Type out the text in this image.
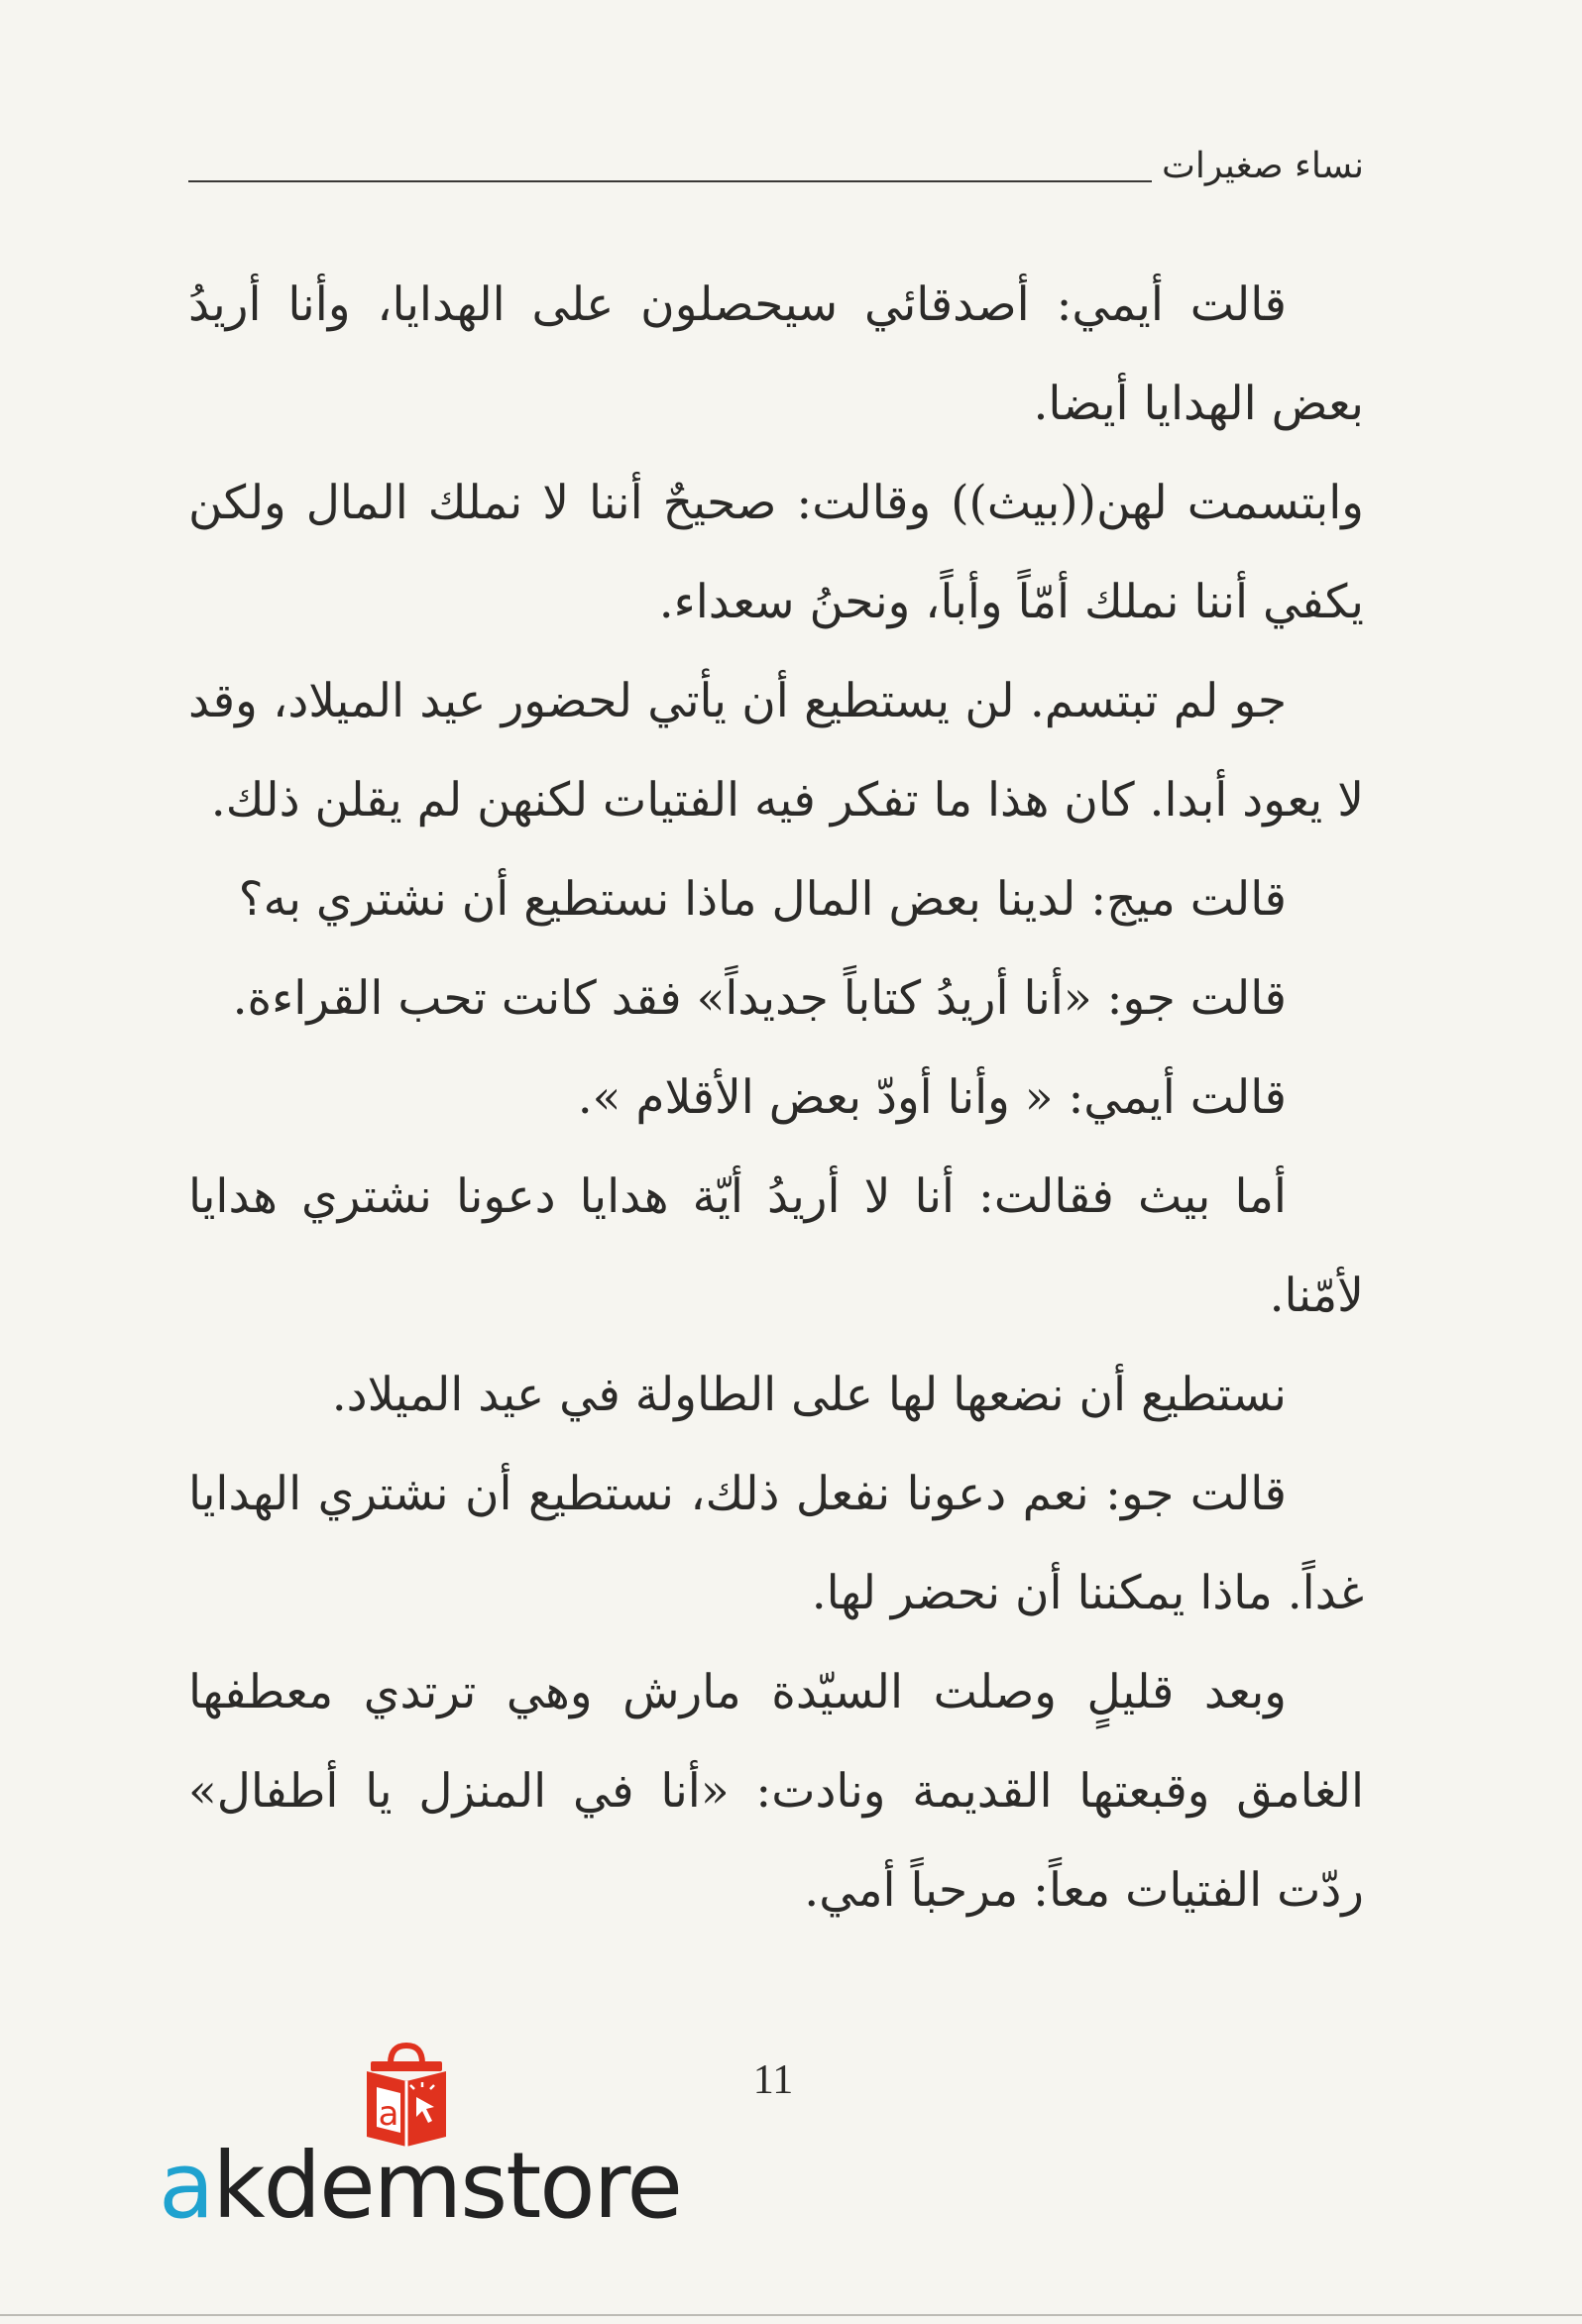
نساء صغيرات

قالت أيمي: أصدقائي سيحصلون على الهدايا، وأنا أريدُ بعض الهدايا أيضا.

وابتسمت لهن((بيث)) وقالت: صحيحٌ أننا لا نملك المال ولكن يكفي أننا نملك أمّاً وأباً، ونحنُ سعداء.

جو لم تبتسم. لن يستطيع أن يأتي لحضور عيد الميلاد، وقد لا يعود أبدا. كان هذا ما تفكر فيه الفتيات لكنهن لم يقلن ذلك.

قالت ميج: لدينا بعض المال ماذا نستطيع أن نشتري به؟

قالت جو: «أنا أريدُ كتاباً جديداً» فقد كانت تحب القراءة.

قالت أيمي: « وأنا أودّ بعض الأقلام ».

أما بيث فقالت: أنا لا أريدُ أيّة هدايا دعونا نشتري هدايا لأمّنا.

نستطيع أن نضعها لها على الطاولة في عيد الميلاد.

قالت جو: نعم دعونا نفعل ذلك، نستطيع أن نشتري الهدايا غداً. ماذا يمكننا أن نحضر لها.

وبعد قليلٍ وصلت السيّدة مارش وهي ترتدي معطفها الغامق وقبعتها القديمة ونادت: «أنا في المنزل يا أطفال» ردّت الفتيات معاً: مرحباً أمي.

11
a
akdemstore
